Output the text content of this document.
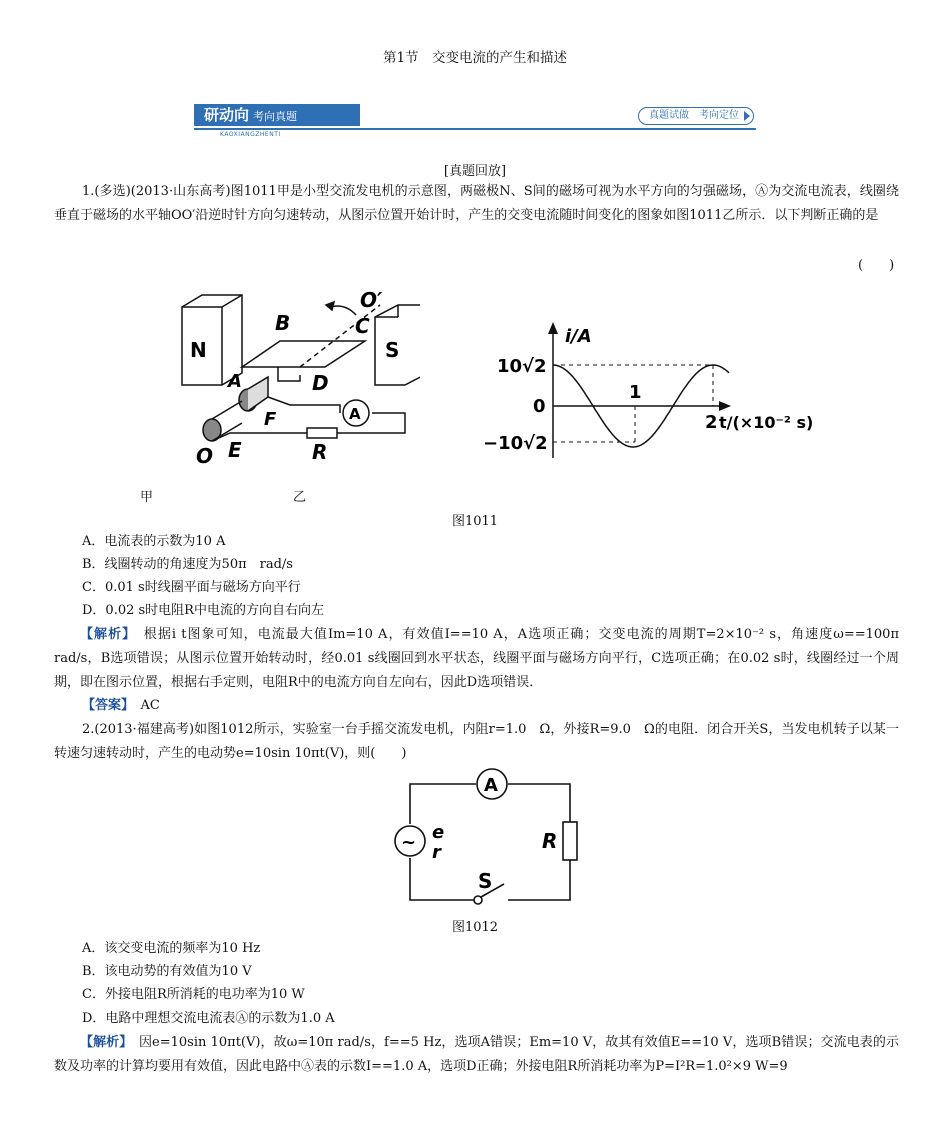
第1节　交变电流的产生和描述
研动向 考向真题
KAOXIANGZHENTI
真题试做　考向定位
[真题回放]
1.(多选)(2013·山东高考)图1011甲是小型交流发电机的示意图，两磁极N、S间的磁场可视为水平方向的匀强磁场，Ⓐ为交流电流表，线圈绕垂直于磁场的水平轴OO′沿逆时针方向匀速转动，从图示位置开始计时，产生的交变电流随时间变化的图象如图1011乙所示．以下判断正确的是
(　　)
N	S
B	C
O′
A	D
F
E	R
O
A
i/A
10√2
0
−10√2
1
2 t/(×10⁻² s)
甲	乙
图1011
A．电流表的示数为10 A
B．线圈转动的角速度为50π　rad/s
C．0.01 s时线圈平面与磁场方向平行
D．0.02 s时电阻R中电流的方向自右向左
【解析】　 根据i t图象可知，电流最大值Im=10 A，有效值I==10 A，A选项正确；交变电流的周期T=2×10⁻² s，角速度ω==100π rad/s，B选项错误；从图示位置开始转动时，经0.01 s线圈回到水平状态，线圈平面与磁场方向平行，C选项正确；在0.02 s时，线圈经过一个周期，即在图示位置，根据右手定则，电阻R中的电流方向自左向右，因此D选项错误．
【答案】　 AC
2.(2013·福建高考)如图1012所示，实验室一台手摇交流发电机，内阻r=1.0　Ω，外接R=9.0　Ω的电阻．闭合开关S，当发电机转子以某一转速匀速转动时，产生的电动势e=10sin 10πt(V)，则(　　)
A
~ e
r	R
S
图1012
A．该交变电流的频率为10 Hz
B．该电动势的有效值为10 V
C．外接电阻R所消耗的电功率为10 W
D．电路中理想交流电流表Ⓐ的示数为1.0 A
【解析】　 因e=10sin 10πt(V)，故ω=10π rad/s，f==5 Hz，选项A错误；Em=10 V，故其有效值E==10 V，选项B错误；交流电表的示数及功率的计算均要用有效值，因此电路中Ⓐ表的示数I==1.0 A，选项D正确；外接电阻R所消耗功率为P=I²R=1.0²×9 W=9
